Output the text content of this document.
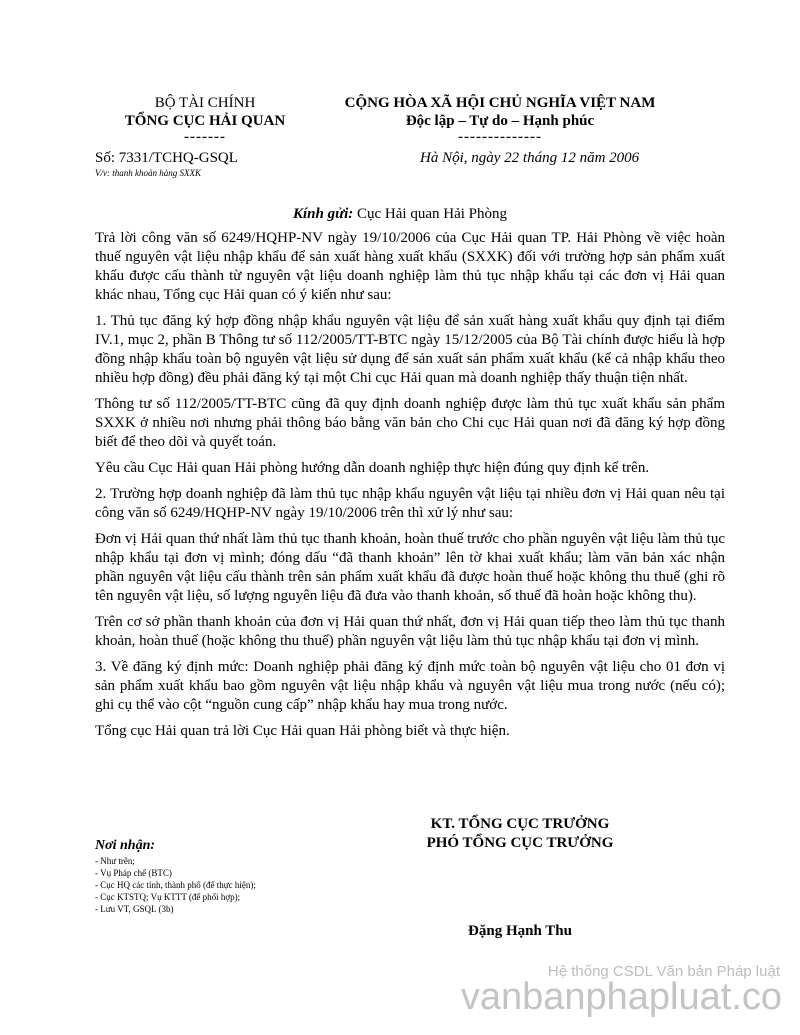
BỘ TÀI CHÍNH
TỔNG CỤC HẢI QUAN
-------
CỘNG HÒA XÃ HỘI CHỦ NGHĨA VIỆT NAM
Độc lập – Tự do – Hạnh phúc
--------------
Số: 7331/TCHQ-GSQL
V/v: thanh khoản hàng SXXK
Hà Nội, ngày 22 tháng 12 năm 2006
Kính gửi: Cục Hải quan Hải Phòng

Trả lời công văn số 6249/HQHP-NV ngày 19/10/2006 của Cục Hải quan TP. Hải Phòng về việc hoàn thuế nguyên vật liệu nhập khẩu để sản xuất hàng xuất khẩu (SXXK) đối với trường hợp sản phẩm xuất khẩu được cấu thành từ nguyên vật liệu doanh nghiệp làm thủ tục nhập khẩu tại các đơn vị Hải quan khác nhau, Tổng cục Hải quan có ý kiến như sau:

1. Thủ tục đăng ký hợp đồng nhập khẩu nguyên vật liệu để sản xuất hàng xuất khẩu quy định tại điểm IV.1, mục 2, phần B Thông tư số 112/2005/TT-BTC ngày 15/12/2005 của Bộ Tài chính được hiểu là hợp đồng nhập khẩu toàn bộ nguyên vật liệu sử dụng để sản xuất sản phẩm xuất khẩu (kể cả nhập khẩu theo nhiều hợp đồng) đều phải đăng ký tại một Chi cục Hải quan mà doanh nghiệp thấy thuận tiện nhất.

Thông tư số 112/2005/TT-BTC cũng đã quy định doanh nghiệp được làm thủ tục xuất khẩu sản phẩm SXXK ở nhiều nơi nhưng phải thông báo bằng văn bản cho Chi cục Hải quan nơi đã đăng ký hợp đồng biết để theo dõi và quyết toán.

Yêu cầu Cục Hải quan Hải phòng hướng dẫn doanh nghiệp thực hiện đúng quy định kể trên.

2. Trường hợp doanh nghiệp đã làm thủ tục nhập khẩu nguyên vật liệu tại nhiều đơn vị Hải quan nêu tại công văn số 6249/HQHP-NV ngày 19/10/2006 trên thì xử lý như sau:

Đơn vị Hải quan thứ nhất làm thủ tục thanh khoản, hoàn thuế trước cho phần nguyên vật liệu làm thủ tục nhập khẩu tại đơn vị mình; đóng dấu “đã thanh khoản” lên tờ khai xuất khẩu; làm văn bản xác nhận phần nguyên vật liệu cấu thành trên sản phẩm xuất khẩu đã được hoàn thuế hoặc không thu thuế (ghi rõ tên nguyên vật liệu, số lượng nguyên liệu đã đưa vào thanh khoản, số thuế đã hoàn hoặc không thu).

Trên cơ sở phần thanh khoản của đơn vị Hải quan thứ nhất, đơn vị Hải quan tiếp theo làm thủ tục thanh khoản, hoàn thuế (hoặc không thu thuế) phần nguyên vật liệu làm thủ tục nhập khẩu tại đơn vị mình.

3. Về đăng ký định mức: Doanh nghiệp phải đăng ký định mức toàn bộ nguyên vật liệu cho 01 đơn vị sản phẩm xuất khẩu bao gồm nguyên vật liệu nhập khẩu và nguyên vật liệu mua trong nước (nếu có); ghi cụ thể vào cột “nguồn cung cấp” nhập khẩu hay mua trong nước.

Tổng cục Hải quan trả lời Cục Hải quan Hải phòng biết và thực hiện.

KT. TỔNG CỤC TRƯỞNG
PHÓ TỔNG CỤC TRƯỞNG
Đặng Hạnh Thu
Nơi nhận:
- Như trên;
- Vụ Pháp chế (BTC)
- Cục HQ các tỉnh, thành phố (để thực hiện);
- Cục KTSTQ; Vụ KTTT (để phối hợp);
- Lưu VT, GSQL (3b)
Hệ thống CSDL Văn bản Pháp luật
vanbanphapluat.co
